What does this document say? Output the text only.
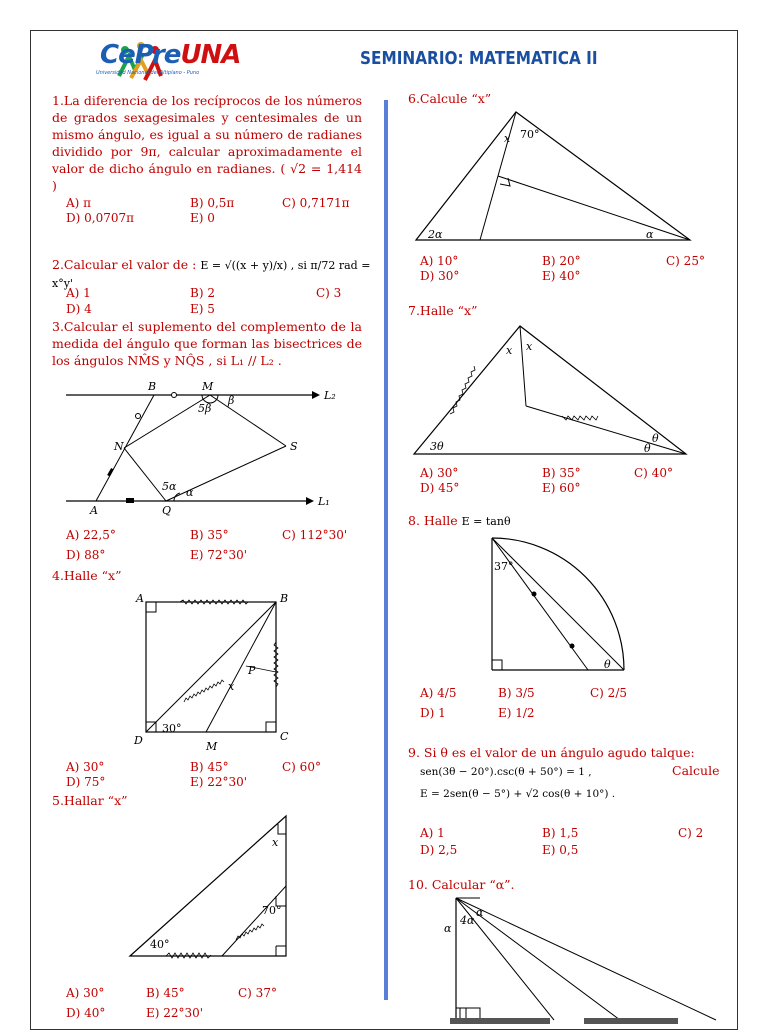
CePreUNA
Universidad Nacional del Altiplano - Puno
SEMINARIO: MATEMATICA II
1.La diferencia de los recíprocos de los números de grados sexagesimales y centesimales de un mismo ángulo, es igual a su número de radianes dividido por 9π, calcular aproximadamente el valor de dicho ángulo en radianes. ( √2 = 1,414 )
A) π	B) 0,5π	C) 0,7171π
D) 0,0707π	E) 0
2.Calcular el valor de : E = √((x + y)/x) , si π/72 rad = x°y'
A) 1	B) 2	C) 3
D) 4	E) 5
3.Calcular el suplemento del complemento de la medida del ángulo que forman las bisectrices de los ángulos NM̂S y NQ̂S , si L₁ // L₂ .
B	M
L₂
5β
β
N	S
5α α
A	Q
L₁
A) 22,5°	B) 35°	C) 112°30'
D) 88°	E) 72°30'
4.Halle “x”
A	B
P
x
D
30°
M
C
A) 30°	B) 45°	C) 60°
D) 75°	E) 22°30'
5.Hallar “x”
x
70°
40°
A) 30°	B) 45°	C) 37°
D) 40°	E) 22°30'
6.Calcule “x”
x 70°
2α	α
A) 10°	B) 20°	C) 25°
D) 30°	E) 40°
7.Halle “x”
x x
3θ
θ
θ
A) 30°	B) 35°	C) 40°
D) 45°	E) 60°
8. Halle E = tanθ
37°
θ
A) 4/5	B) 3/5	C) 2/5
D) 1	E) 1/2
9. Si θ es el valor de un ángulo agudo talque:
sen(3θ − 20°).csc(θ + 50°) = 1 ,	Calcule
E = 2sen(θ − 5°) + √2 cos(θ + 10°) .
A) 1	B) 1,5	C) 2
D) 2,5	E) 0,5
10. Calcular “α”.
α
4α
α
